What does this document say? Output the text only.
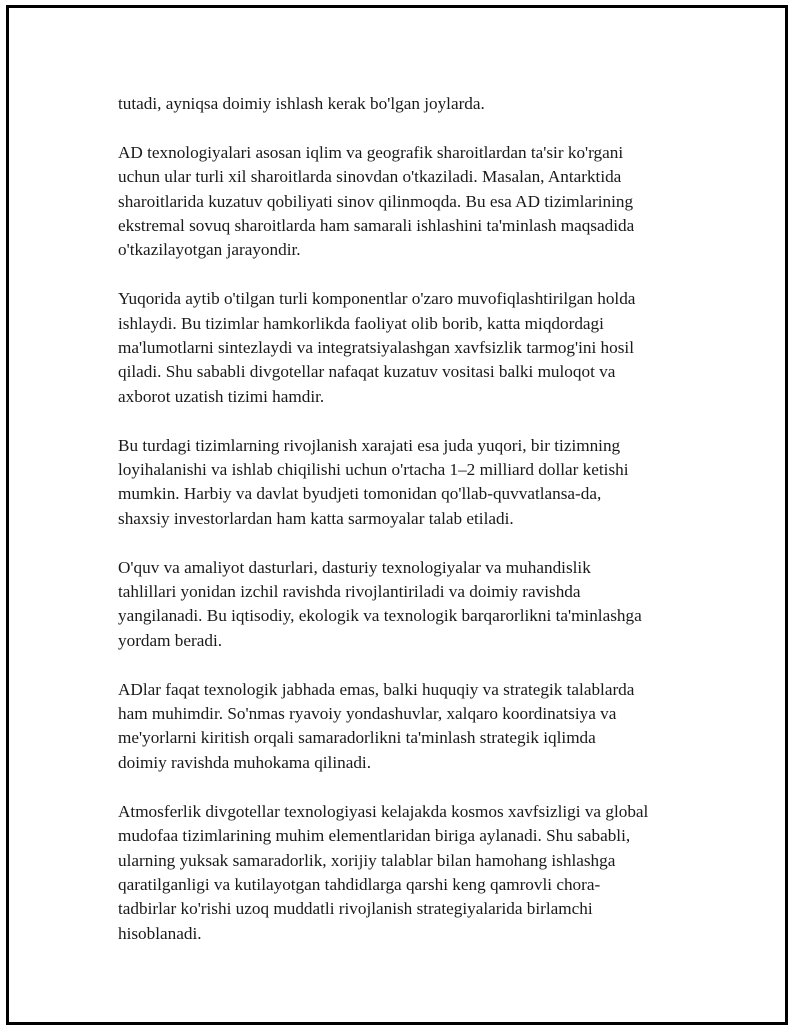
tutadi, ayniqsa doimiy ishlash kerak bo'lgan joylarda.

AD texnologiyalari asosan iqlim va geografik sharoitlardan ta'sir ko'rgani
uchun ular turli xil sharoitlarda sinovdan o'tkaziladi. Masalan, Antarktida
sharoitlarida kuzatuv qobiliyati sinov qilinmoqda. Bu esa AD tizimlarining
ekstremal sovuq sharoitlarda ham samarali ishlashini ta'minlash maqsadida
o'tkazilayotgan jarayondir.

Yuqorida aytib o'tilgan turli komponentlar o'zaro muvofiqlashtirilgan holda
ishlaydi. Bu tizimlar hamkorlikda faoliyat olib borib, katta miqdordagi
ma'lumotlarni sintezlaydi va integratsiyalashgan xavfsizlik tarmog'ini hosil
qiladi. Shu sababli divgotellar nafaqat kuzatuv vositasi balki muloqot va
axborot uzatish tizimi hamdir.

Bu turdagi tizimlarning rivojlanish xarajati esa juda yuqori, bir tizimning
loyihalanishi va ishlab chiqilishi uchun o'rtacha 1–2 milliard dollar ketishi
mumkin. Harbiy va davlat byudjeti tomonidan qo'llab-quvvatlansa-da,
shaxsiy investorlardan ham katta sarmoyalar talab etiladi.

O'quv va amaliyot dasturlari, dasturiy texnologiyalar va muhandislik
tahlillari yonidan izchil ravishda rivojlantiriladi va doimiy ravishda
yangilanadi. Bu iqtisodiy, ekologik va texnologik barqarorlikni ta'minlashga
yordam beradi.

ADlar faqat texnologik jabhada emas, balki huquqiy va strategik talablarda
ham muhimdir. So'nmas ryavoiy yondashuvlar, xalqaro koordinatsiya va
me'yorlarni kiritish orqali samaradorlikni ta'minlash strategik iqlimda
doimiy ravishda muhokama qilinadi.

Atmosferlik divgotellar texnologiyasi kelajakda kosmos xavfsizligi va global
mudofaa tizimlarining muhim elementlaridan biriga aylanadi. Shu sababli,
ularning yuksak samaradorlik, xorijiy talablar bilan hamohang ishlashga
qaratilganligi va kutilayotgan tahdidlarga qarshi keng qamrovli chora-
tadbirlar ko'rishi uzoq muddatli rivojlanish strategiyalarida birlamchi
hisoblanadi.
